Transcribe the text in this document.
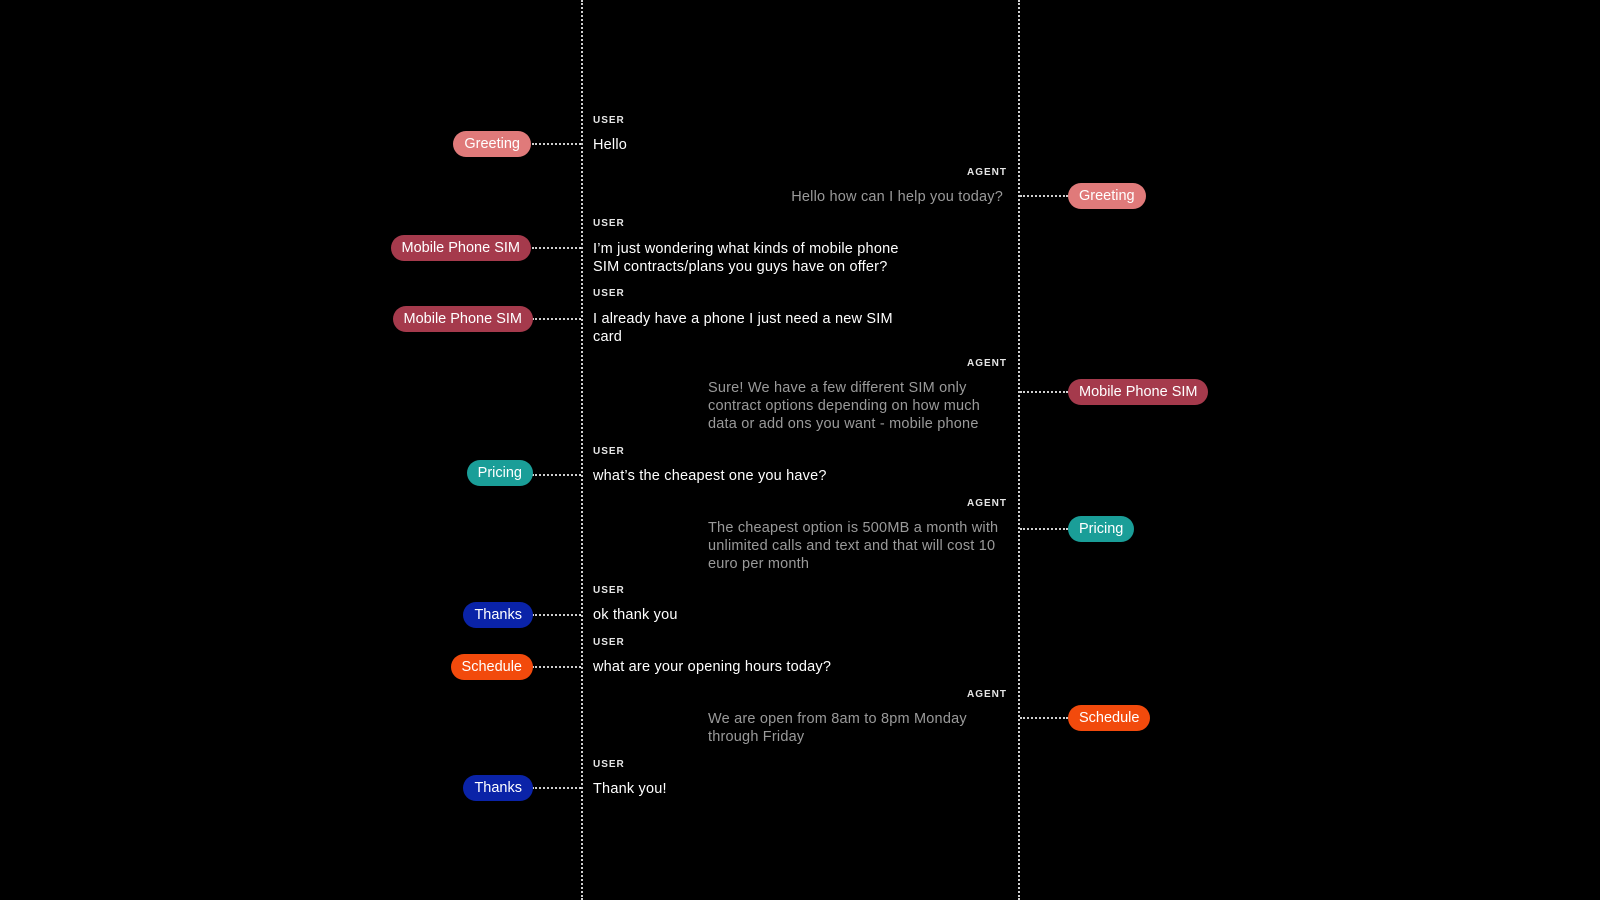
USER
Hello
Greeting
AGENT
Hello how can I help you today?	Greeting
USER
I’m just wondering what kinds of mobile phone SIM contracts/plans you guys have on offer?
Mobile Phone SIM
USER
I already have a phone I just need a new SIM card
Mobile Phone SIM
AGENT
Sure! We have a few different SIM only contract options depending on how much data or add ons you want - mobile phone
Mobile Phone SIM
USER
what’s the cheapest one you have?
Pricing
AGENT
The cheapest option is 500MB a month with unlimited calls and text and that will cost 10 euro per month
Pricing
USER
ok thank you
Thanks
USER
what are your opening hours today?
Schedule
AGENT
We are open from 8am to 8pm Monday through Friday
Schedule
USER
Thank you!
Thanks
